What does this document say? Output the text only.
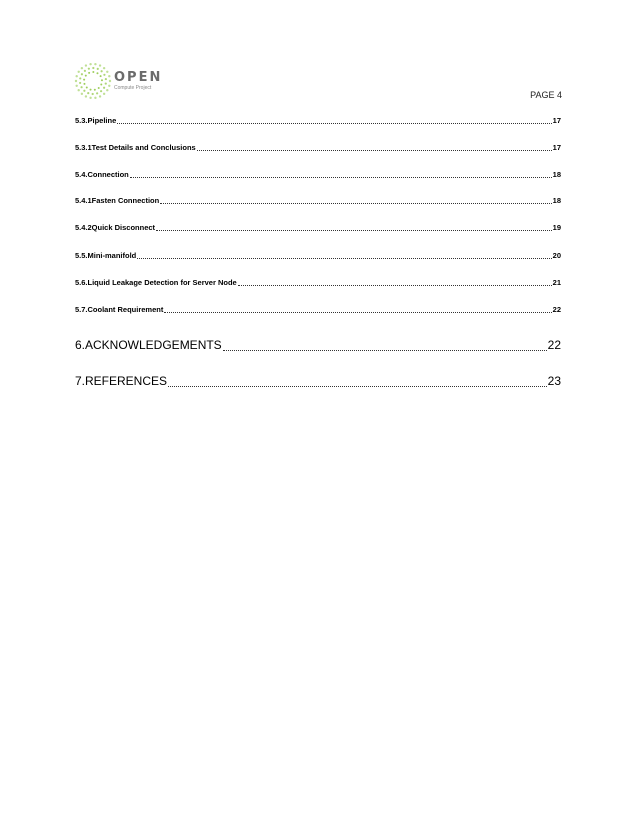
OPEN
Compute Project
PAGE 4
5.3.Pipeline	17
5.3.1Test Details and Conclusions	17
5.4.Connection	18
5.4.1Fasten Connection	18
5.4.2Quick Disconnect	19
5.5.Mini-manifold	20
5.6.Liquid Leakage Detection for Server Node	21
5.7.Coolant Requirement	22
6.ACKNOWLEDGEMENTS	22
7.REFERENCES	23
